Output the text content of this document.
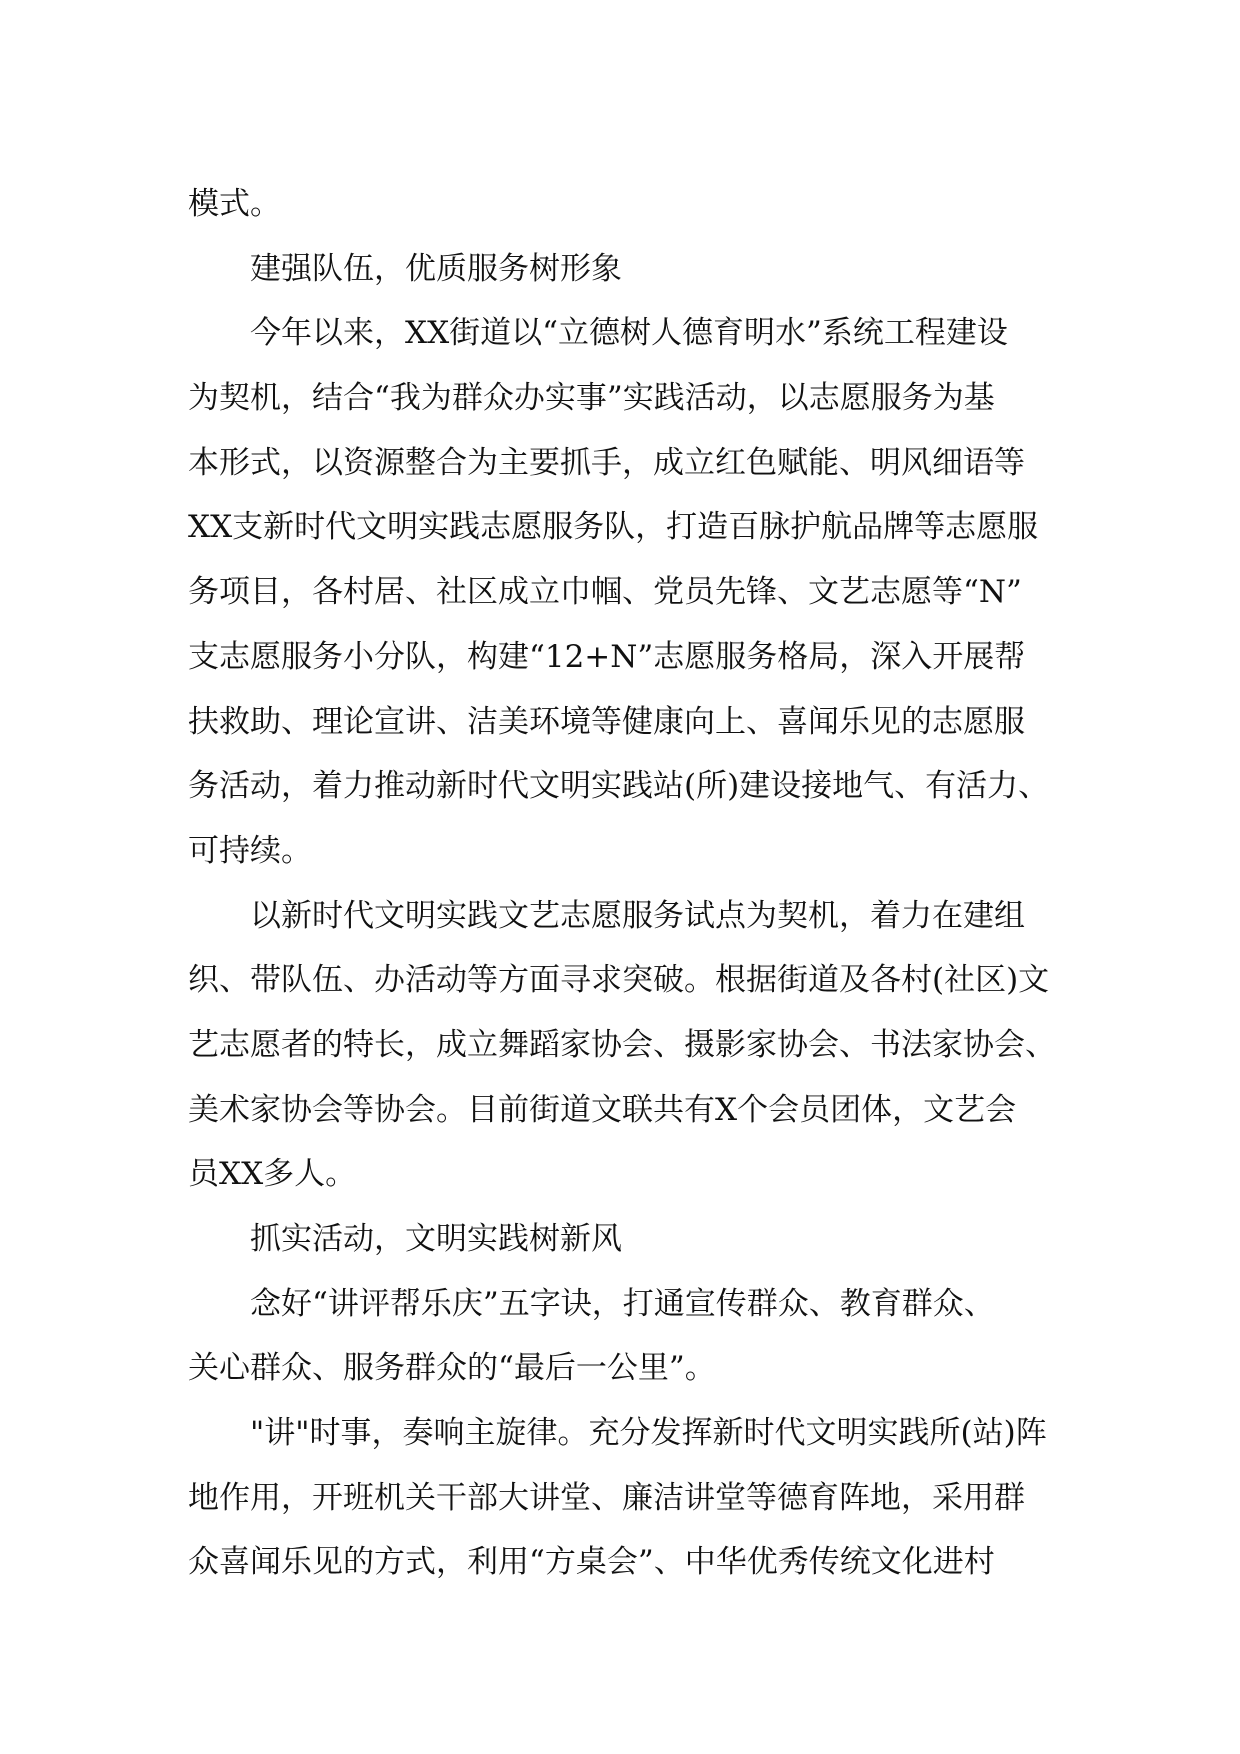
模式。
建强队伍，优质服务树形象
今年以来，XX街道以“立德树人德育明水”系统工程建设
为契机，结合“我为群众办实事”实践活动，以志愿服务为基
本形式，以资源整合为主要抓手，成立红色赋能、明风细语等
XX支新时代文明实践志愿服务队，打造百脉护航品牌等志愿服
务项目，各村居、社区成立巾帼、党员先锋、文艺志愿等“N”
支志愿服务小分队，构建“12+N”志愿服务格局，深入开展帮
扶救助、理论宣讲、洁美环境等健康向上、喜闻乐见的志愿服
务活动，着力推动新时代文明实践站(所)建设接地气、有活力、
可持续。
以新时代文明实践文艺志愿服务试点为契机，着力在建组
织、带队伍、办活动等方面寻求突破。根据街道及各村(社区)文
艺志愿者的特长，成立舞蹈家协会、摄影家协会、书法家协会、
美术家协会等协会。目前街道文联共有X个会员团体，文艺会
员XX多人。
抓实活动，文明实践树新风
念好“讲评帮乐庆”五字诀，打通宣传群众、教育群众、
关心群众、服务群众的“最后一公里”。
"讲"时事，奏响主旋律。充分发挥新时代文明实践所(站)阵
地作用，开班机关干部大讲堂、廉洁讲堂等德育阵地，采用群
众喜闻乐见的方式，利用“方桌会”、中华优秀传统文化进村
